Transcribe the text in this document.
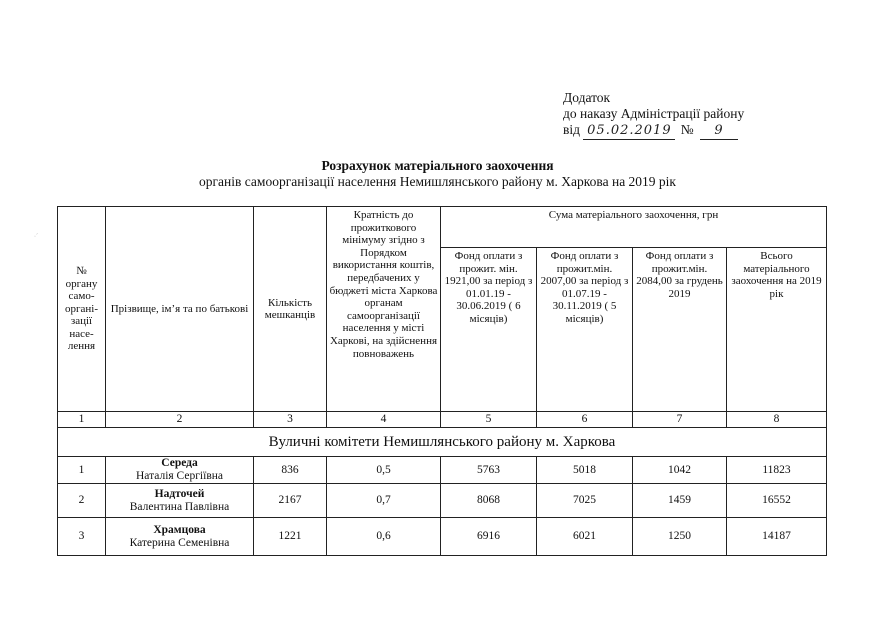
Додаток
до наказу Адміністрації району
від 05.02.2019 № 9
Розрахунок матеріального заохочення
органів самоорганізації населення Немишлянського району м. Харкова на 2019 рік
·´
№ органу само-органі-зації насе-лення	Прізвище, ім’я та по батькові	Кількість мешканців	Кратність до прожиткового мінімуму згідно з Порядком використання коштів, передбачених у бюджеті міста Харкова органам самоорганізації населення у місті Харкові, на здійснення повноважень	Сума матеріального заохочення, грн			
				Фонд оплати з прожит. мін. 1921,00 за період з 01.01.19 - 30.06.2019 ( 6 місяців)	Фонд оплати з прожит.мін. 2007,00 за період з 01.07.19 - 30.11.2019 ( 5 місяців)	Фонд оплати з прожит.мін. 2084,00 за грудень 2019	Всього матеріального заохочення на 2019 рік
1	2	3	4	5	6	7	8
Вуличні комітети Немишлянського району м. Харкова							
1	Середа
Наталія Сергіївна	836	0,5	5763	5018	1042	11823
2	Надточей
Валентина Павлівна	2167	0,7	8068	7025	1459	16552
3	Храмцова
Катерина Семенівна	1221	0,6	6916	6021	1250	14187
